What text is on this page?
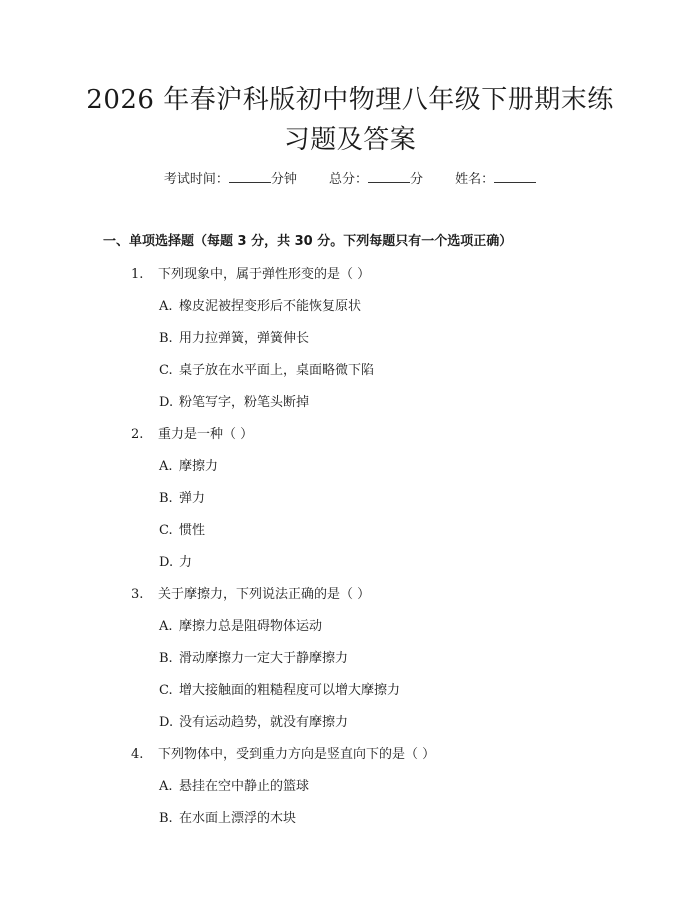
2026 年春沪科版初中物理八年级下册期末练
习题及答案
考试时间：	分钟 总分：	分 姓名：
一、单项选择题（每题 3 分，共 30 分。下列每题只有一个选项正确）
1. 下列现象中，属于弹性形变的是（ ）
A. 橡皮泥被捏变形后不能恢复原状
B. 用力拉弹簧，弹簧伸长
C. 桌子放在水平面上，桌面略微下陷
D. 粉笔写字，粉笔头断掉
2. 重力是一种（ ）
A. 摩擦力
B. 弹力
C. 惯性
D. 力
3. 关于摩擦力，下列说法正确的是（ ）
A. 摩擦力总是阻碍物体运动
B. 滑动摩擦力一定大于静摩擦力
C. 增大接触面的粗糙程度可以增大摩擦力
D. 没有运动趋势，就没有摩擦力
4. 下列物体中，受到重力方向是竖直向下的是（ ）
A. 悬挂在空中静止的篮球
B. 在水面上漂浮的木块
